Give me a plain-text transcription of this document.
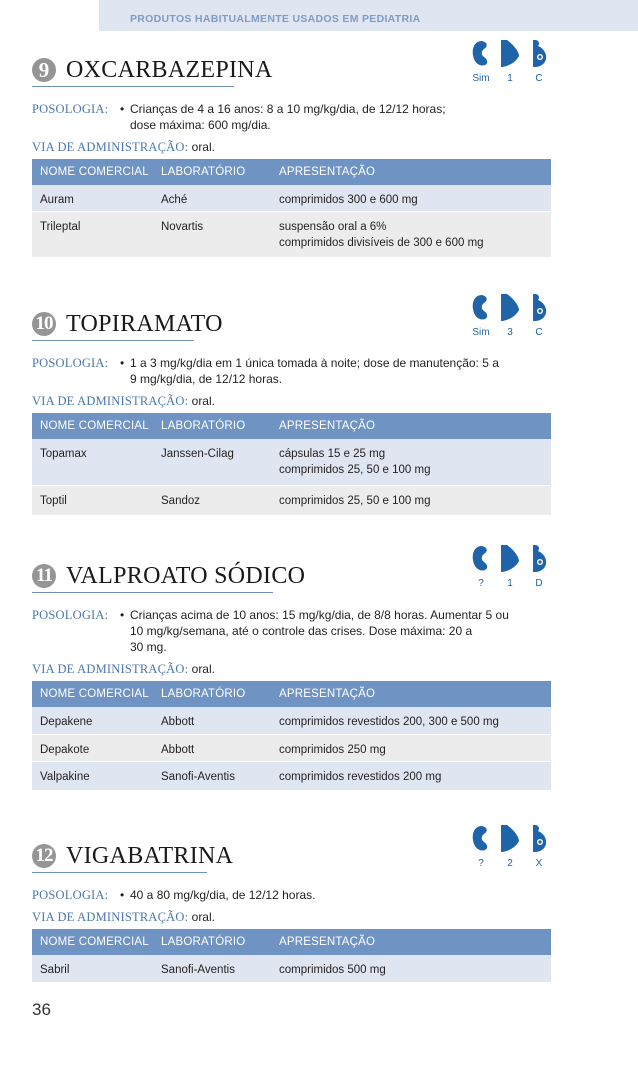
PRODUTOS HABITUALMENTE USADOS EM PEDIATRIA
9 OXCARBAZEPINA	Sim	1	C
POSOLOGIA: • Crianças de 4 a 16 anos: 8 a 10 mg/kg/dia, de 12/12 horas;
dose máxima: 600 mg/dia.
VIA DE ADMINISTRAÇÃO: oral.
NOME COMERCIAL	LABORATÓRIO	APRESENTAÇÃO
Auram	Aché	comprimidos 300 e 600 mg

Trileptal	Novartis	suspensão oral a 6%
comprimidos divisíveis de 300 e 600 mg
10 TOPIRAMATO	Sim	3	C
POSOLOGIA: • 1 a 3 mg/kg/dia em 1 única tomada à noite; dose de manutenção: 5 a
9 mg/kg/dia, de 12/12 horas.
VIA DE ADMINISTRAÇÃO: oral.
NOME COMERCIAL	LABORATÓRIO	APRESENTAÇÃO
Topamax	Janssen-Cilag	cápsulas 15 e 25 mg
comprimidos 25, 50 e 100 mg

Toptil	Sandoz	comprimidos 25, 50 e 100 mg
11 VALPROATO SÓDICO	?	1	D
POSOLOGIA: • Crianças acima de 10 anos: 15 mg/kg/dia, de 8/8 horas. Aumentar 5 ou
10 mg/kg/semana, até o controle das crises. Dose máxima: 20 a
30 mg.
VIA DE ADMINISTRAÇÃO: oral.
NOME COMERCIAL	LABORATÓRIO	APRESENTAÇÃO
Depakene	Abbott	comprimidos revestidos 200, 300 e 500 mg

Depakote	Abbott	comprimidos 250 mg

Valpakine	Sanofi-Aventis	comprimidos revestidos 200 mg
12 VIGABATRINA	?	2	X
POSOLOGIA: • 40 a 80 mg/kg/dia, de 12/12 horas.
VIA DE ADMINISTRAÇÃO: oral.
NOME COMERCIAL	LABORATÓRIO	APRESENTAÇÃO
Sabril	Sanofi-Aventis	comprimidos 500 mg
36
